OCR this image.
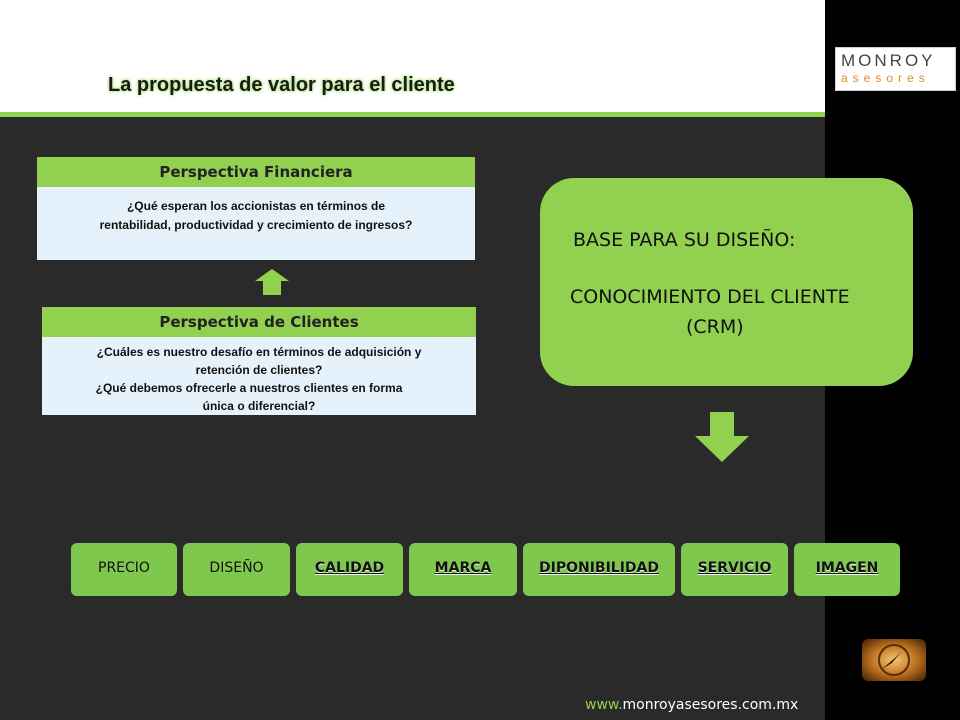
La propuesta de valor para el cliente
MONROY
asesores
Perspectiva Financiera
¿Qué esperan los accionistas en términos de
rentabilidad, productividad y crecimiento de ingresos?
Perspectiva de Clientes
¿Cuáles es nuestro desafío en términos de adquisición y
retención de clientes?
¿Qué debemos ofrecerle a nuestros clientes en forma
única o diferencial?
BASE PARA SU DISEÑO:
CONOCIMIENTO DEL CLIENTE
(CRM)
PRECIO	DISEÑO	CALIDAD	MARCA	DIPONIBILIDAD	SERVICIO	IMAGEN
www.monroyasesores.com.mx
